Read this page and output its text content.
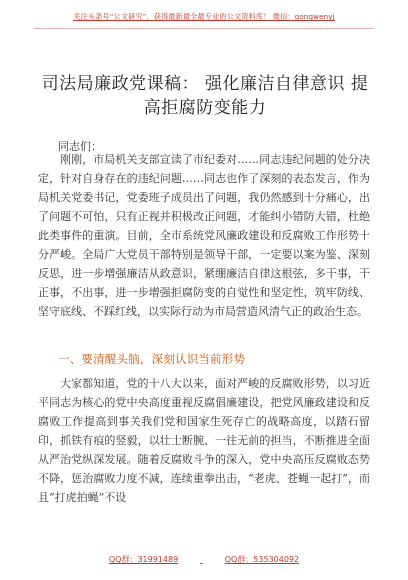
关注头条号“公文研究”，获得最新最全最专业的公文资料库！ 微信：gongwenyj
司法局廉政党课稿： 强化廉洁自律意识 提高拒腐防变能力
同志们：

刚刚，市局机关支部宣读了市纪委对……同志违纪问题的处分决定，针对自身存在的违纪问题……同志也作了深刻的表态发言，作为局机关党委书记，党委班子成员出了问题，我仍然感到十分痛心，出了问题不可怕，只有正视并积极改正问题，才能纠小错防大错，杜绝此类事件的重演。目前，全市系统党风廉政建设和反腐败工作形势十分严峻。全局广大党员干部特别是领导干部，一定要以案为鉴、深刻反思，进一步增强廉洁从政意识，紧绷廉洁自律这根弦，多干事，干正事，不出事，进一步增强拒腐防变的自觉性和坚定性，筑牢防线、坚守底线、不踩红线，以实际行动为市局营造风清气正的政治生态。

一、要清醒头脑，深刻认识当前形势

大家都知道，党的十八大以来，面对严峻的反腐败形势，以习近平同志为核心的党中央高度重视反腐倡廉建设，把党风廉政建设和反腐败工作提高到事关我们党和国家生死存亡的战略高度，以踏石留印，抓铁有痕的竖毅，以壮士断腕、一往无前的担当，不断推进全面从严治党纵深发展。随着反腐败斗争的深入，党中央高压反腐败态势不降，惩治腐败力度不减，连续重拳出击，“老虎、苍蝇一起打”，而且“打虎拍蝇”不设

QQ群：31991489	QQ群：535304092
